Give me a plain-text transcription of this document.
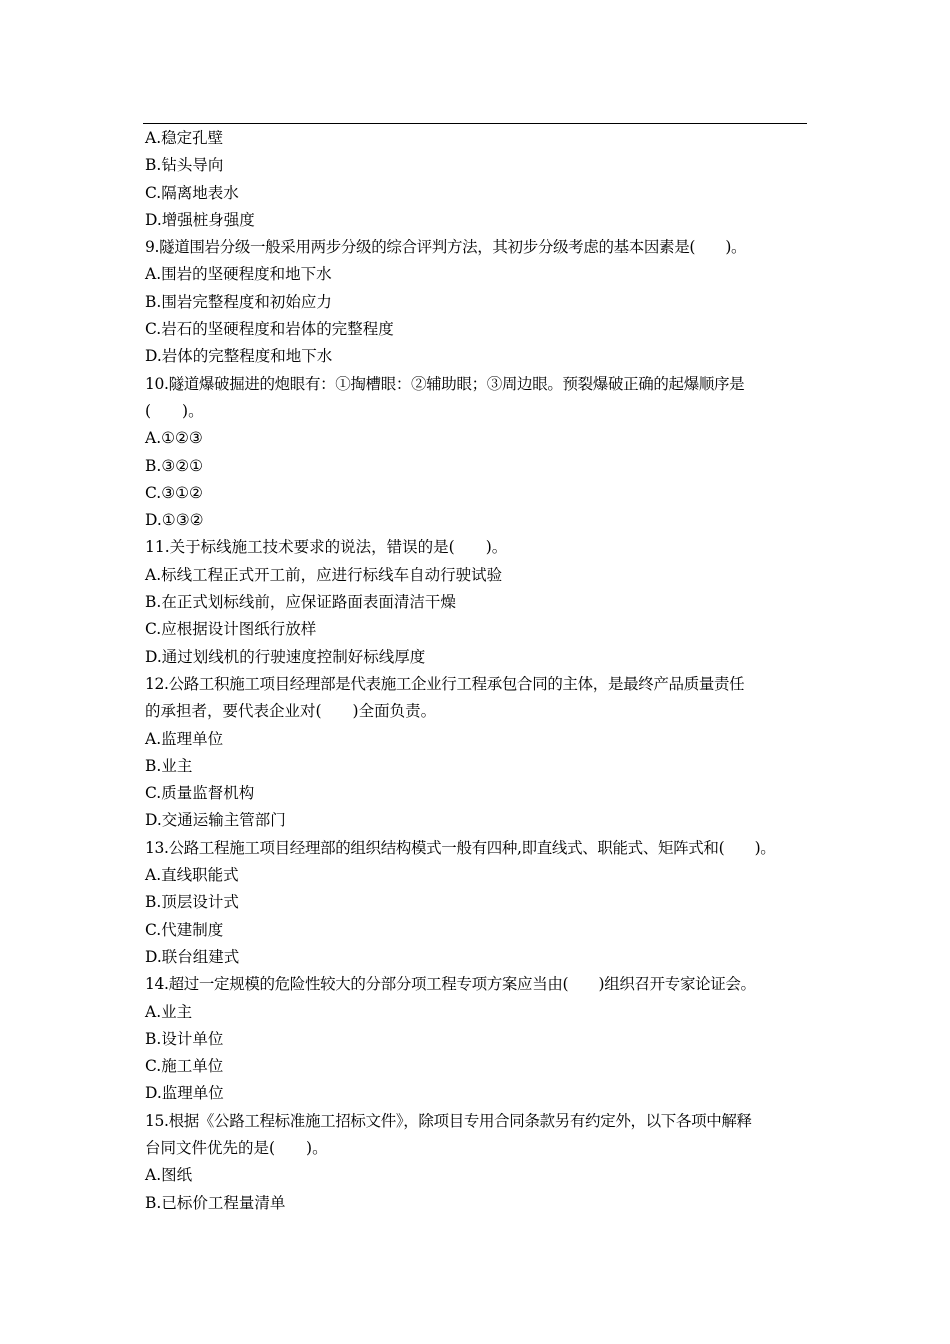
A.稳定孔壁
B.钻头导向
C.隔离地表水
D.增强桩身强度
9.隧道围岩分级一般采用两步分级的综合评判方法，其初步分级考虑的基本因素是(　　)。
A.围岩的坚硬程度和地下水
B.围岩完整程度和初始应力
C.岩石的坚硬程度和岩体的完整程度
D.岩体的完整程度和地下水
10.隧道爆破掘进的炮眼有：①掏槽眼：②辅助眼；③周边眼。预裂爆破正确的起爆顺序是
(　　)。
A.①②③
B.③②①
C.③①②
D.①③②
11.关于标线施工技术要求的说法，错误的是(　　)。
A.标线工程正式开工前，应进行标线车自动行驶试验
B.在正式划标线前，应保证路面表面清洁干燥
C.应根据设计图纸行放样
D.通过划线机的行驶速度控制好标线厚度
12.公路工积施工项目经理部是代表施工企业行工程承包合同的主体，是最终产品质量责任
的承担者，要代表企业对(　　)全面负责。
A.监理单位
B.业主
C.质量监督机构
D.交通运输主管部门
13.公路工程施工项目经理部的组织结构模式一般有四种,即直线式、职能式、矩阵式和(　　)。
A.直线职能式
B.顶层设计式
C.代建制度
D.联台组建式
14.超过一定规模的危险性较大的分部分项工程专项方案应当由(　　)组织召开专家论证会。
A.业主
B.设计单位
C.施工单位
D.监理单位
15.根据《公路工程标准施工招标文件》，除项目专用合同条款另有约定外，以下各项中解释
台同文件优先的是(　　)。
A.图纸
B.已标价工程量清单
